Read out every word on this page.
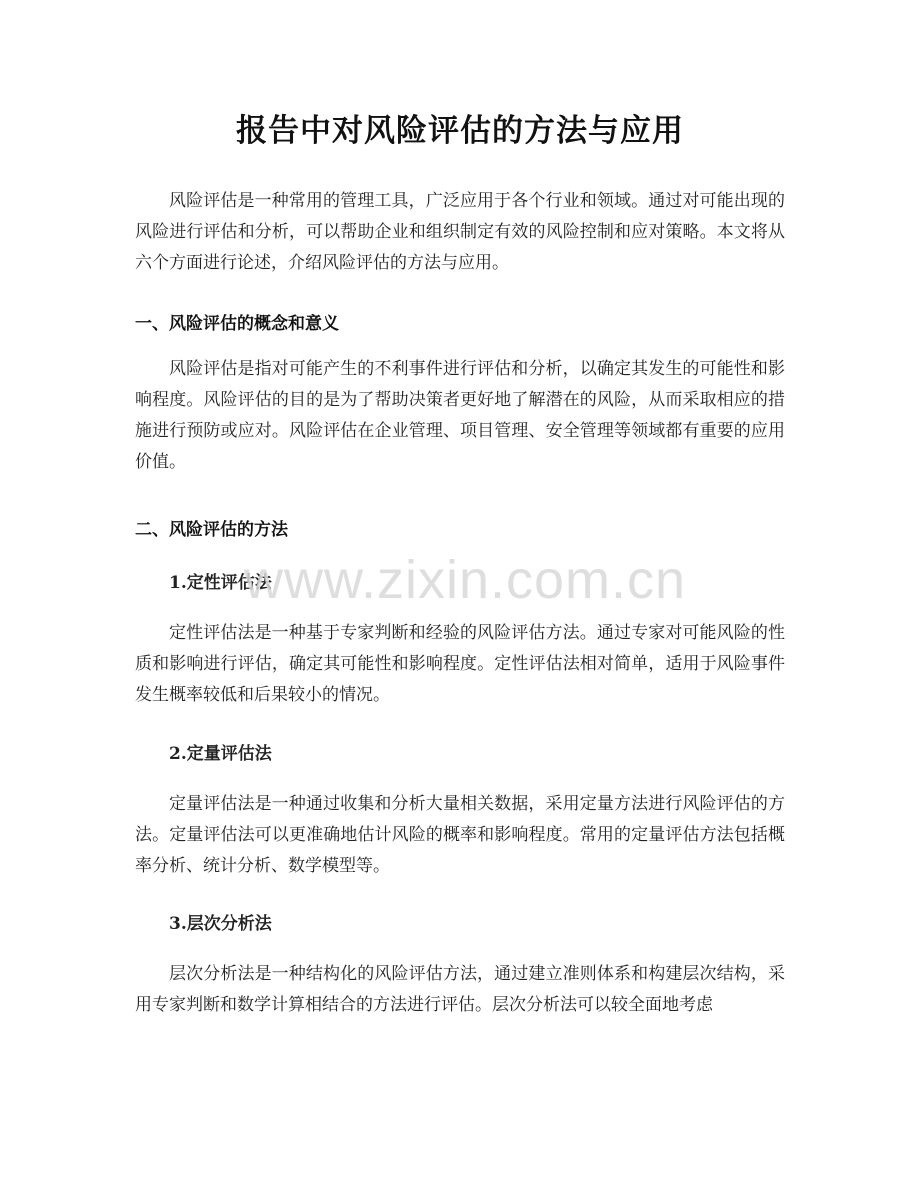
报告中对风险评估的方法与应用

风险评估是一种常用的管理工具，广泛应用于各个行业和领域。通过对可能出现的风险进行评估和分析，可以帮助企业和组织制定有效的风险控制和应对策略。本文将从六个方面进行论述，介绍风险评估的方法与应用。

一、风险评估的概念和意义

风险评估是指对可能产生的不利事件进行评估和分析，以确定其发生的可能性和影响程度。风险评估的目的是为了帮助决策者更好地了解潜在的风险，从而采取相应的措施进行预防或应对。风险评估在企业管理、项目管理、安全管理等领域都有重要的应用价值。

二、风险评估的方法
1.定性评估法

定性评估法是一种基于专家判断和经验的风险评估方法。通过专家对可能风险的性质和影响进行评估，确定其可能性和影响程度。定性评估法相对简单，适用于风险事件发生概率较低和后果较小的情况。

2.定量评估法

定量评估法是一种通过收集和分析大量相关数据，采用定量方法进行风险评估的方法。定量评估法可以更准确地估计风险的概率和影响程度。常用的定量评估方法包括概率分析、统计分析、数学模型等。

3.层次分析法

层次分析法是一种结构化的风险评估方法，通过建立准则体系和构建层次结构，采用专家判断和数学计算相结合的方法进行评估。层次分析法可以较全面地考虑

www.zixin.com.cn
